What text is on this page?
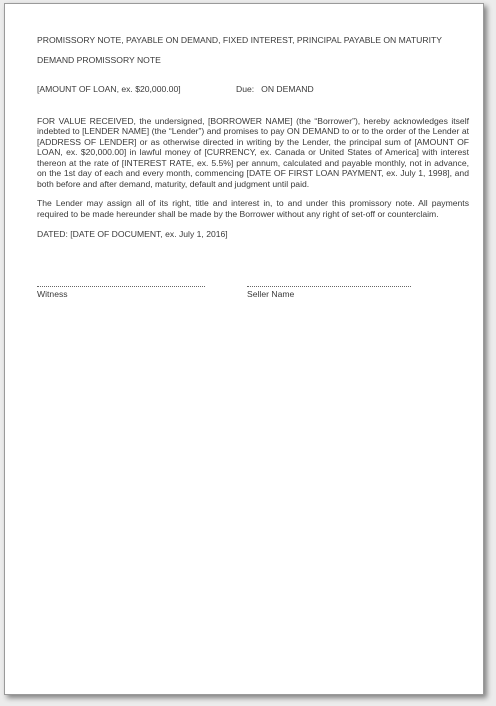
PROMISSORY NOTE, PAYABLE ON DEMAND, FIXED INTEREST, PRINCIPAL PAYABLE ON MATURITY
DEMAND PROMISSORY NOTE
[AMOUNT OF LOAN, ex. $20,000.00]	Due: ON DEMAND

FOR VALUE RECEIVED, the undersigned, [BORROWER NAME] (the “Borrower”), hereby acknowledges itself indebted to [LENDER NAME] (the “Lender”) and promises to pay ON DEMAND to or to the order of the Lender at [ADDRESS OF LENDER] or as otherwise directed in writing by the Lender, the principal sum of [AMOUNT OF LOAN, ex. $20,000.00] in lawful money of [CURRENCY, ex. Canada or United States of America] with interest thereon at the rate of [INTEREST RATE, ex. 5.5%] per annum, calculated and payable monthly, not in advance, on the 1st day of each and every month, commencing [DATE OF FIRST LOAN PAYMENT, ex. July 1, 1998], and both before and after demand, maturity, default and judgment until paid.

The Lender may assign all of its right, title and interest in, to and under this promissory note. All payments required to be made hereunder shall be made by the Borrower without any right of set-off or counterclaim.

DATED: [DATE OF DOCUMENT, ex. July 1, 2016]

Witness	Seller Name
